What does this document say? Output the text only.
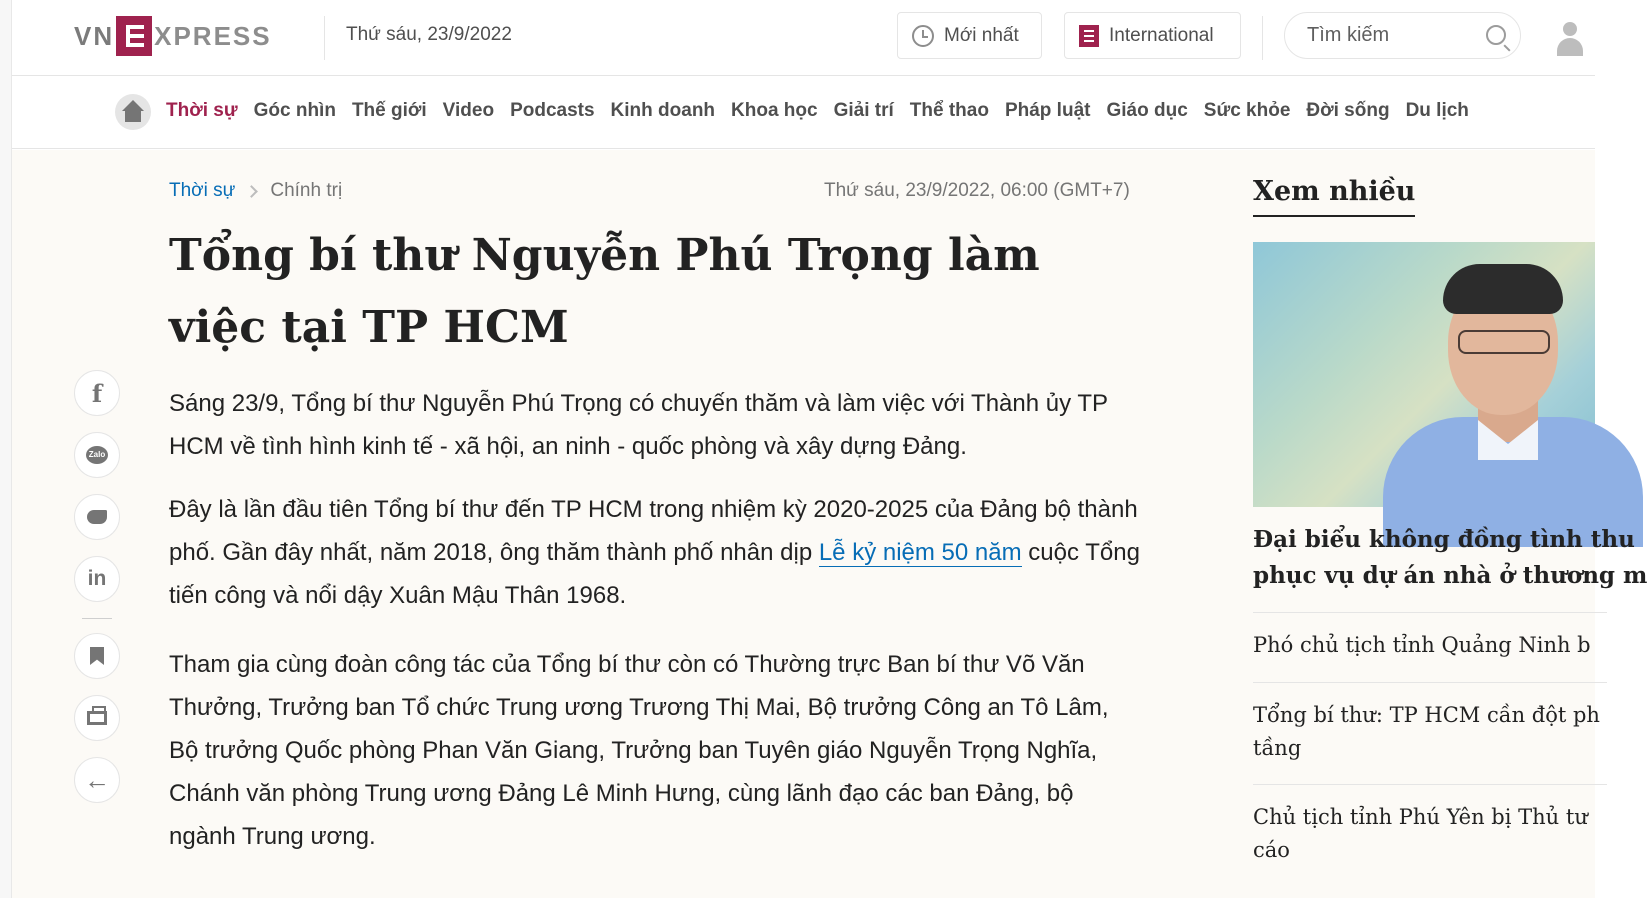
VN XPRESS	Thứ sáu, 23/9/2022	Mới nhất	International	Tìm kiếm
Thời sự Góc nhìn Thế giới Video Podcasts Kinh doanh Khoa học Giải trí Thể thao Pháp luật Giáo dục Sức khỏe Đời sống Du lịch
Thời sự Chính trị	Thứ sáu, 23/9/2022, 06:00 (GMT+7)
Tổng bí thư Nguyễn Phú Trọng làm việc tại TP HCM

Sáng 23/9, Tổng bí thư Nguyễn Phú Trọng có chuyến thăm và làm việc với Thành ủy TP HCM về tình hình kinh tế - xã hội, an ninh - quốc phòng và xây dựng Đảng.

Đây là lần đầu tiên Tổng bí thư đến TP HCM trong nhiệm kỳ 2020-2025 của Đảng bộ thành phố. Gần đây nhất, năm 2018, ông thăm thành phố nhân dịp Lễ kỷ niệm 50 năm cuộc Tổng tiến công và nổi dậy Xuân Mậu Thân 1968.

Tham gia cùng đoàn công tác của Tổng bí thư còn có Thường trực Ban bí thư Võ Văn Thưởng, Trưởng ban Tổ chức Trung ương Trương Thị Mai, Bộ trưởng Công an Tô Lâm, Bộ trưởng Quốc phòng Phan Văn Giang, Trưởng ban Tuyên giáo Nguyễn Trọng Nghĩa, Chánh văn phòng Trung ương Đảng Lê Minh Hưng, cùng lãnh đạo các ban Đảng, bộ ngành Trung ương.

f
Zalo
in
←
Xem nhiều
Đại biểu không đồng tình thu
phục vụ dự án nhà ở thương m
Phó chủ tịch tỉnh Quảng Ninh b
Tổng bí thư: TP HCM cần đột ph
tầng
Chủ tịch tỉnh Phú Yên bị Thủ tư
cáo
